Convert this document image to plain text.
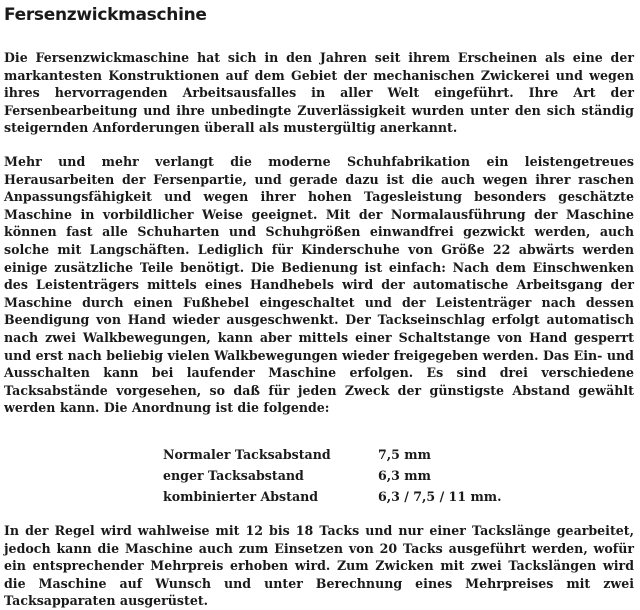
Fersenzwickmaschine

Die Fersenzwickmaschine hat sich in den Jahren seit ihrem Erscheinen als eine der markantesten Konstruktionen auf dem Gebiet der mechanischen Zwickerei und wegen ihres hervorragenden Arbeitsausfalles in aller Welt eingeführt. Ihre Art der Fersenbearbeitung und ihre unbedingte Zuverlässigkeit wurden unter den sich ständig steigernden Anforderungen überall als mustergültig anerkannt.

Mehr und mehr verlangt die moderne Schuhfabrikation ein leistengetreues Herausarbeiten der Fersenpartie, und gerade dazu ist die auch wegen ihrer raschen Anpassungsfähigkeit und wegen ihrer hohen Tagesleistung besonders geschätzte Maschine in vorbildlicher Weise geeignet. Mit der Normalausführung der Maschine können fast alle Schuharten und Schuhgrößen einwandfrei gezwickt werden, auch solche mit Langschäften. Lediglich für Kinderschuhe von Größe 22 abwärts werden einige zusätzliche Teile benötigt. Die Bedienung ist einfach: Nach dem Einschwenken des Leistenträgers mittels eines Handhebels wird der automatische Arbeitsgang der Maschine durch einen Fußhebel eingeschaltet und der Leistenträger nach dessen Beendigung von Hand wieder ausgeschwenkt. Der Tackseinschlag erfolgt automatisch nach zwei Walkbewegungen, kann aber mittels einer Schaltstange von Hand gesperrt und erst nach beliebig vielen Walkbewegungen wieder freigegeben werden. Das Ein- und Ausschalten kann bei laufender Maschine erfolgen. Es sind drei verschiedene Tacksabstände vorgesehen, so daß für jeden Zweck der günstigste Abstand gewählt werden kann. Die Anordnung ist die folgende:

Normaler Tacksabstand	7,5 mm
enger Tacksabstand	6,3 mm
kombinierter Abstand	6,3 / 7,5 / 11 mm.

In der Regel wird wahlweise mit 12 bis 18 Tacks und nur einer Tackslänge gearbeitet, jedoch kann die Maschine auch zum Einsetzen von 20 Tacks ausgeführt werden, wofür ein entsprechender Mehrpreis erhoben wird. Zum Zwicken mit zwei Tackslängen wird die Maschine auf Wunsch und unter Berechnung eines Mehrpreises mit zwei Tacksapparaten ausgerüstet.
